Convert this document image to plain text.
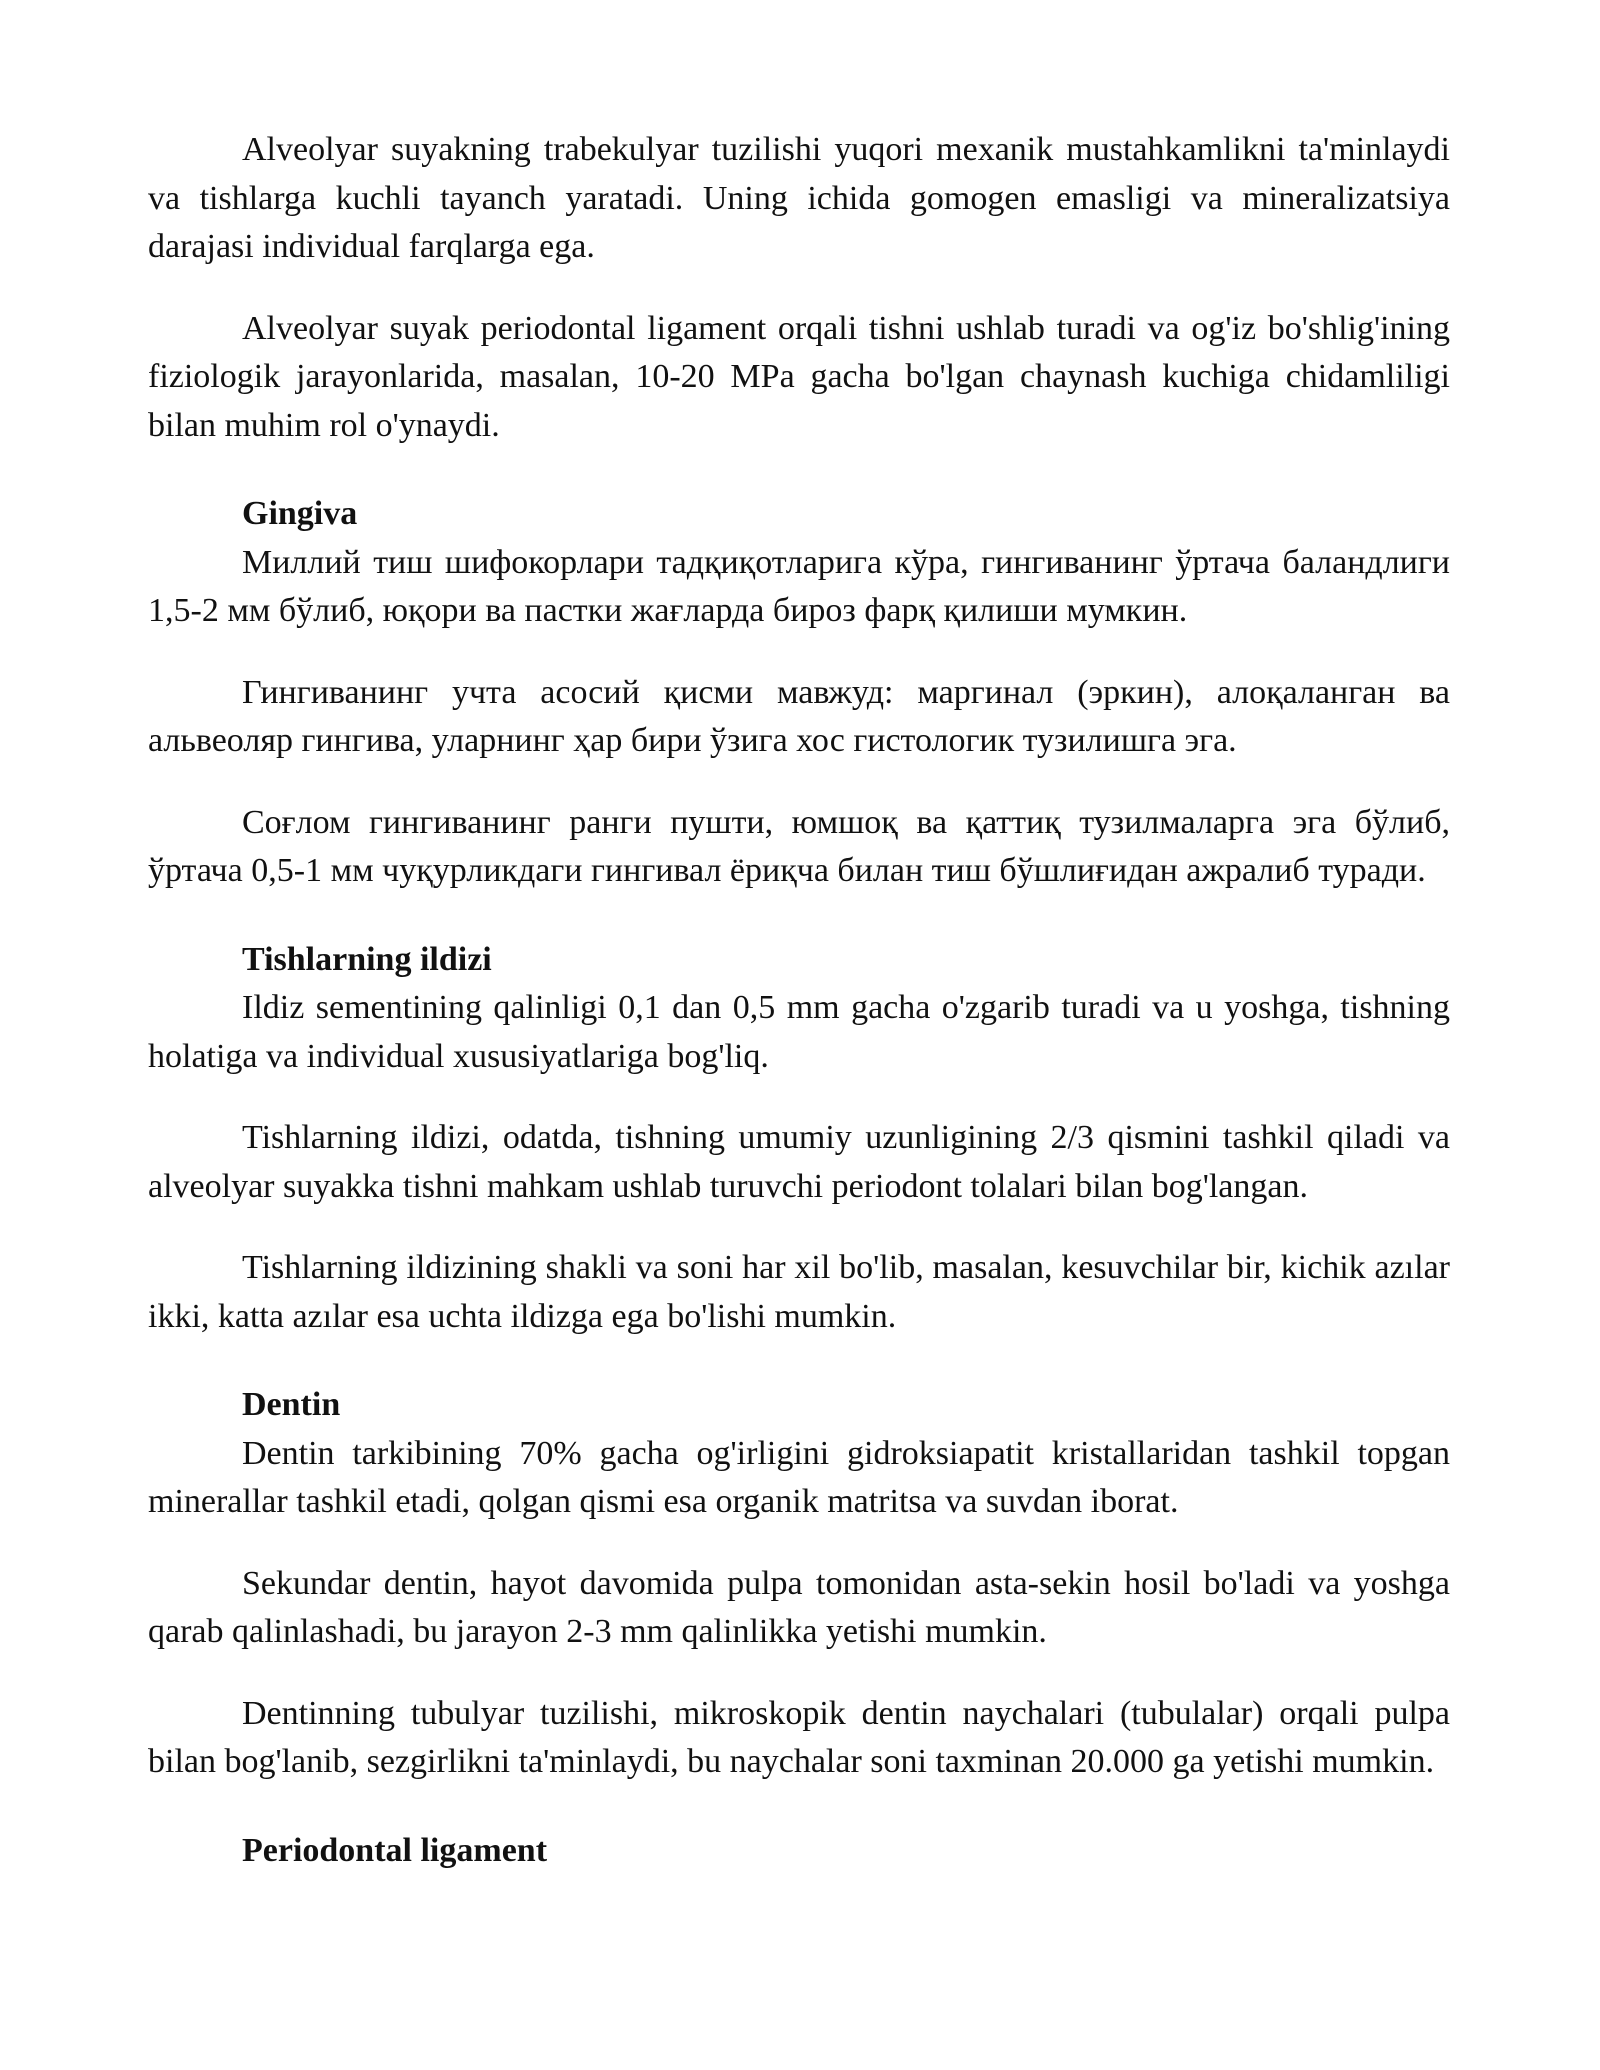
Alveolyar suyakning trabekulyar tuzilishi yuqori mexanik mustahkamlikni ta'minlaydi va tishlarga kuchli tayanch yaratadi. Uning ichida gomogen emasligi va mineralizatsiya darajasi individual farqlarga ega.

Alveolyar suyak periodontal ligament orqali tishni ushlab turadi va og'iz bo'shlig'ining fiziologik jarayonlarida, masalan, 10-20 MPa gacha bo'lgan chaynash kuchiga chidamliligi bilan muhim rol o'ynaydi.

Gingiva

Миллий тиш шифокорлари тадқиқотларига кўра, гингиванинг ўртача баландлиги 1,5-2 мм бўлиб, юқори ва пастки жағларда бироз фарқ қилиши мумкин.

Гингиванинг учта асосий қисми мавжуд: маргинал (эркин), алоқаланган ва альвеоляр гингива, уларнинг ҳар бири ўзига хос гистологик тузилишга эга.

Соғлом гингиванинг ранги пушти, юмшоқ ва қаттиқ тузилмаларга эга бўлиб, ўртача 0,5-1 мм чуқурликдаги гингивал ёриқча билан тиш бўшлиғидан ажралиб туради.

Tishlarning ildizi

Ildiz sementining qalinligi 0,1 dan 0,5 mm gacha o'zgarib turadi va u yoshga, tishning holatiga va individual xususiyatlariga bog'liq.

Tishlarning ildizi, odatda, tishning umumiy uzunligining 2/3 qismini tashkil qiladi va alveolyar suyakka tishni mahkam ushlab turuvchi periodont tolalari bilan bog'langan.

Tishlarning ildizining shakli va soni har xil bo'lib, masalan, kesuvchilar bir, kichik azılar ikki, katta azılar esa uchta ildizga ega bo'lishi mumkin.

Dentin

Dentin tarkibining 70% gacha og'irligini gidroksiapatit kristallaridan tashkil topgan minerallar tashkil etadi, qolgan qismi esa organik matritsa va suvdan iborat.

Sekundar dentin, hayot davomida pulpa tomonidan asta-sekin hosil bo'ladi va yoshga qarab qalinlashadi, bu jarayon 2-3 mm qalinlikka yetishi mumkin.

Dentinning tubulyar tuzilishi, mikroskopik dentin naychalari (tubulalar) orqali pulpa bilan bog'lanib, sezgirlikni ta'minlaydi, bu naychalar soni taxminan 20.000 ga yetishi mumkin.

Periodontal ligament
